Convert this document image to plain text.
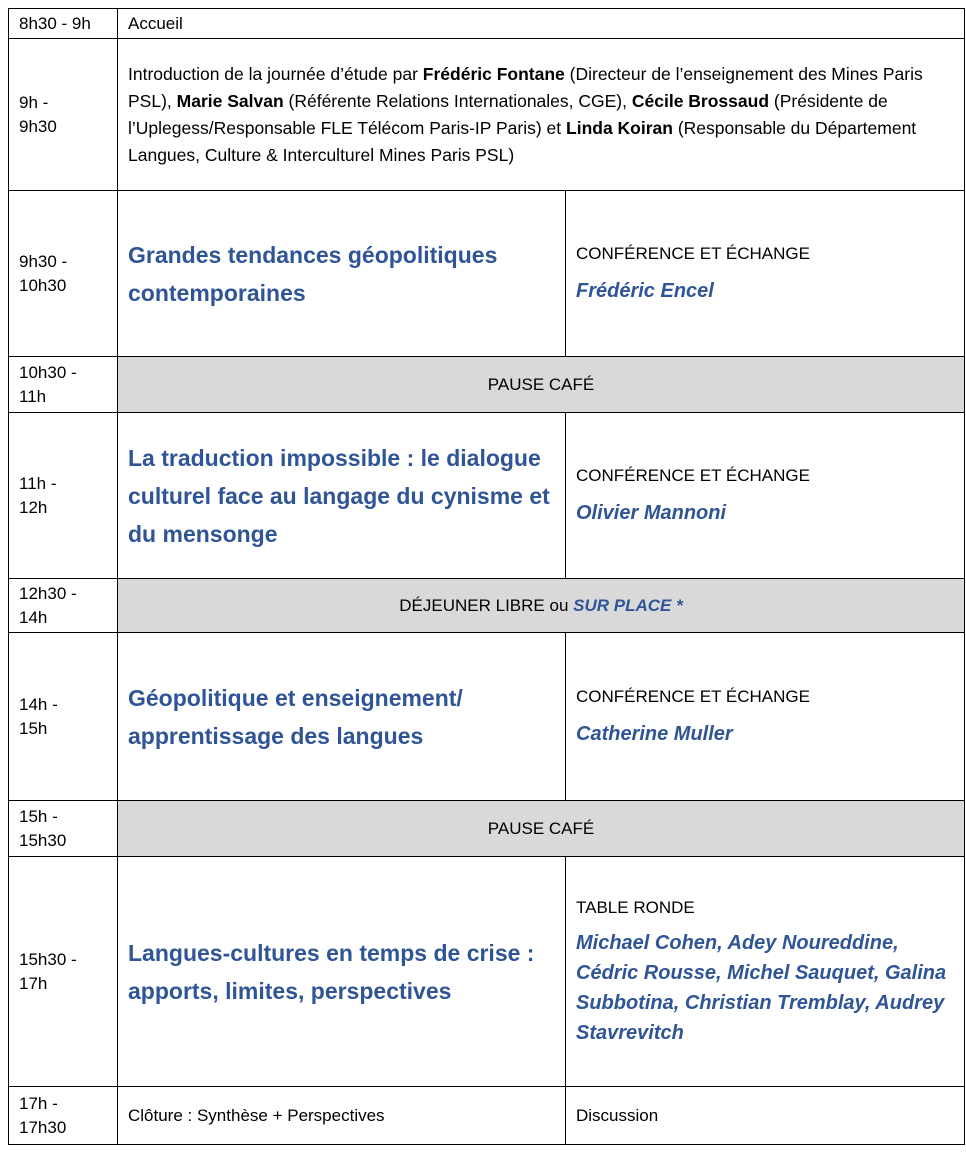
8h30 - 9h	Accueil	
9h -
9h30	Introduction de la journée d’étude par Frédéric Fontane (Directeur de l’enseignement des Mines Paris PSL), Marie Salvan (Référente Relations Internationales, CGE), Cécile Brossaud (Présidente de l’Uplegess/Responsable FLE Télécom Paris-IP Paris) et Linda Koiran (Responsable du Département Langues, Culture & Interculturel Mines Paris PSL)	
9h30 -
10h30	Grandes tendances géopolitiques contemporaines	CONFÉRENCE ET ÉCHANGE
Frédéric Encel

10h30 -
11h	PAUSE CAFÉ	
11h -
12h	La traduction impossible : le dialogue culturel face au langage du cynisme et du mensonge	CONFÉRENCE ET ÉCHANGE
Olivier Mannoni

12h30 -
14h	DÉJEUNER LIBRE ou SUR PLACE *	
14h -
15h	Géopolitique et enseignement/ apprentissage des langues	CONFÉRENCE ET ÉCHANGE
Catherine Muller

15h -
15h30	PAUSE CAFÉ	
15h30 -
17h	Langues-cultures en temps de crise : apports, limites, perspectives	TABLE RONDE
Michael Cohen, Adey Noureddine, Cédric Rousse, Michel Sauquet, Galina Subbotina, Christian Tremblay, Audrey Stavrevitch

17h -
17h30	Clôture : Synthèse + Perspectives	Discussion
